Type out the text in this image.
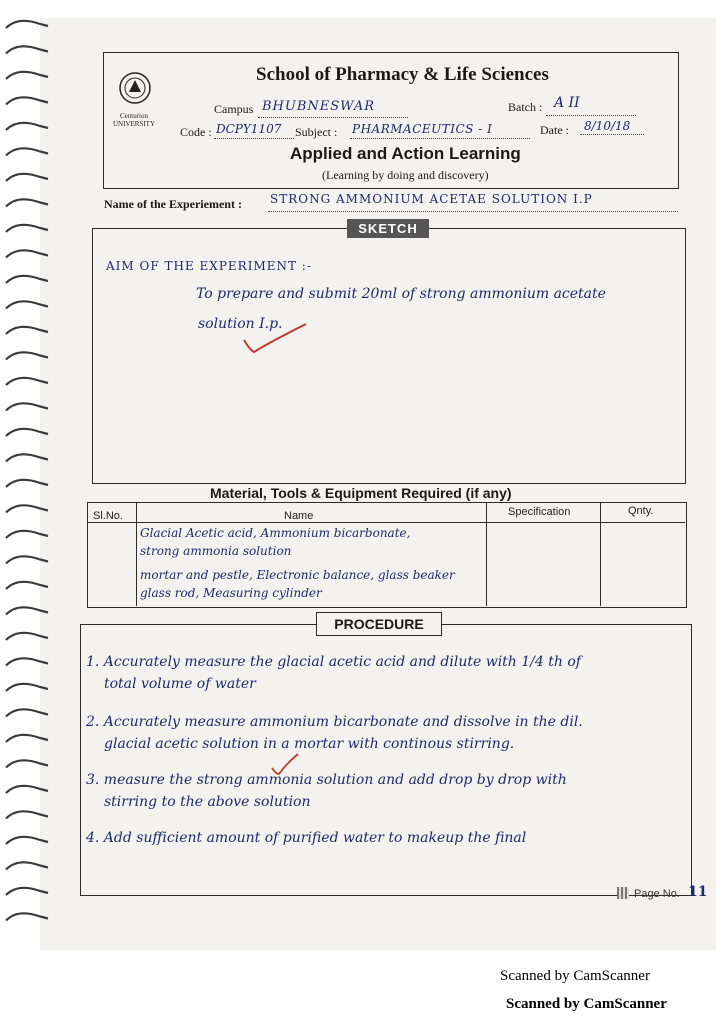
Centurion UNIVERSITY
School of Pharmacy & Life Sciences
Campus BHUBNESWAR	Batch : A II
Code : DCPY1107 Subject : PHARMACEUTICS - I	Date : 8/10/18
Applied and Action Learning
(Learning by doing and discovery)
Name of the Experiement : STRONG AMMONIUM ACETAE SOLUTION I.P
SKETCH
AIM OF THE EXPERIMENT :-
To prepare and submit 20ml of strong ammonium acetate
solution I.p.
Material, Tools & Equipment Required (if any)
Sl.No.	Name	Specification	Qnty.
Glacial Acetic acid, Ammonium bicarbonate,
strong ammonia solution
mortar and pestle, Electronic balance, glass beaker
glass rod, Measuring cylinder
PROCEDURE
1. Accurately measure the glacial acetic acid and dilute with 1/4 th of
total volume of water
2. Accurately measure ammonium bicarbonate and dissolve in the dil.
glacial acetic solution in a mortar with continous stirring.
3. measure the strong ammonia solution and add drop by drop with
stirring to the above solution
4. Add sufficient amount of purified water to makeup the final
Page No. 11
Scanned by CamScanner
Scanned by CamScanner
